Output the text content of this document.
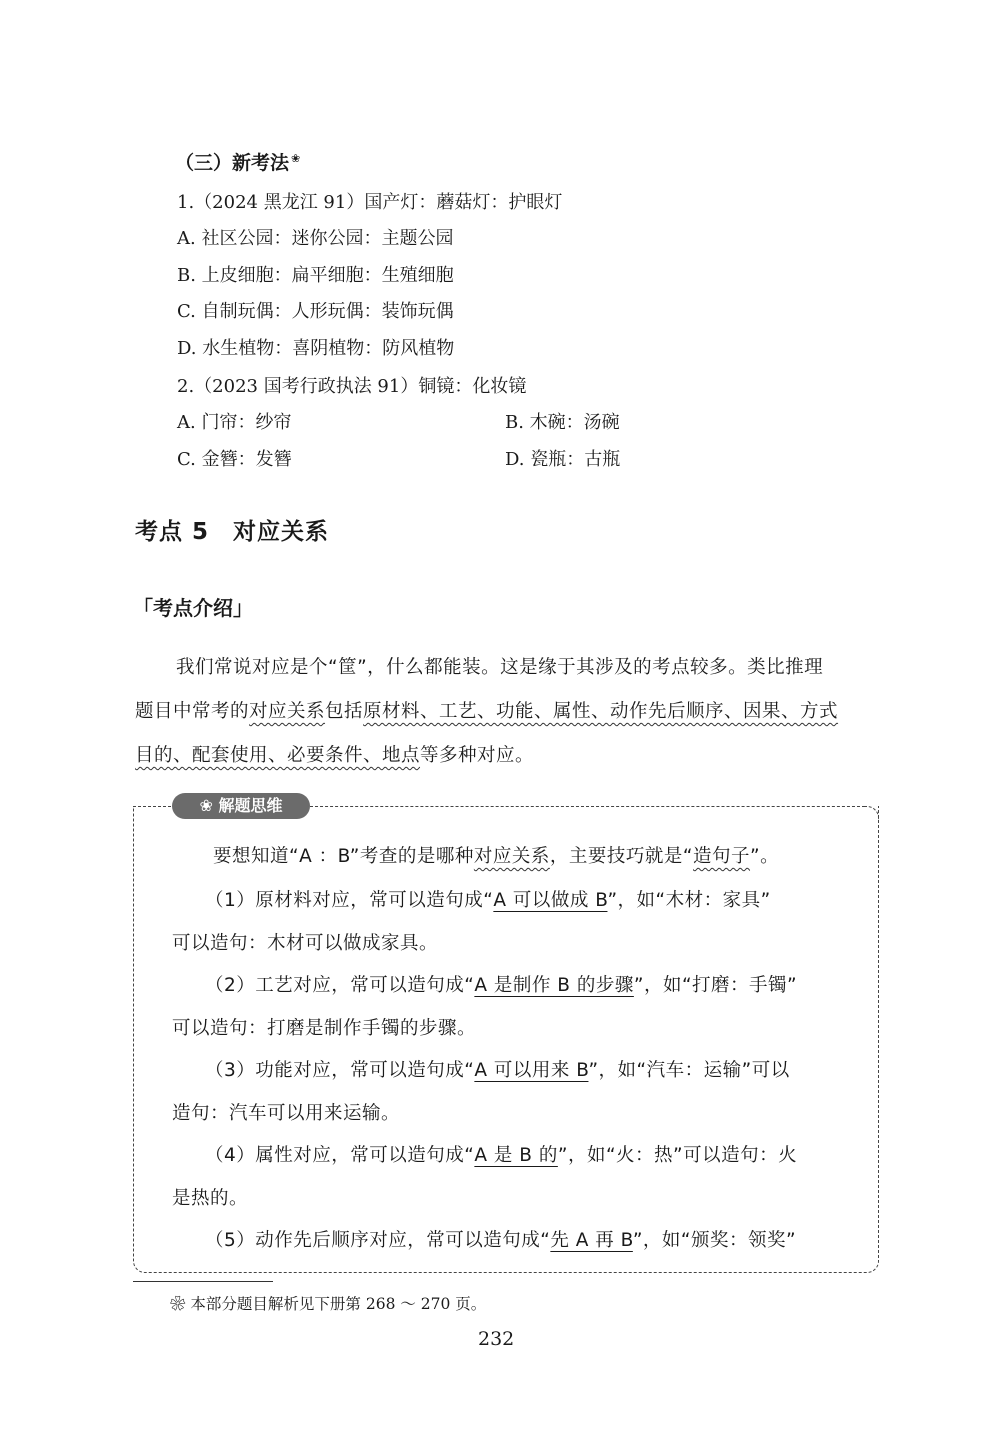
（三）新考法 ❀
1.（2024 黑龙江 91）国产灯：蘑菇灯：护眼灯
A. 社区公园：迷你公园：主题公园
B. 上皮细胞：扁平细胞：生殖细胞
C. 自制玩偶：人形玩偶：装饰玩偶
D. 水生植物：喜阴植物：防风植物
2.（2023 国考行政执法 91）铜镜：化妆镜
A. 门帘：纱帘	B. 木碗：汤碗
C. 金簪：发簪	D. 瓷瓶：古瓶
考点 5　对应关系
「考点介绍」
我们常说对应是个“筐”，什么都能装。这是缘于其涉及的考点较多。类比推理
题目中常考的对应关系包括原材料、工艺、功能、属性、动作先后顺序、因果、方式
目的、配套使用、必要条件、地点等多种对应。
❀ 解题思维
要想知道“A ：B”考查的是哪种对应关系，主要技巧就是“造句子”。
（1）原材料对应，常可以造句成“A 可以做成 B”，如“木材：家具”
可以造句：木材可以做成家具。
（2）工艺对应，常可以造句成“A 是制作 B 的步骤”，如“打磨：手镯”
可以造句：打磨是制作手镯的步骤。
（3）功能对应，常可以造句成“A 可以用来 B”，如“汽车：运输”可以
造句：汽车可以用来运输。
（4）属性对应，常可以造句成“A 是 B 的”，如“火：热”可以造句：火
是热的。
（5）动作先后顺序对应，常可以造句成“先 A 再 B”，如“颁奖：领奖”
❀ 本部分题目解析见下册第 268 ～ 270 页。
232
